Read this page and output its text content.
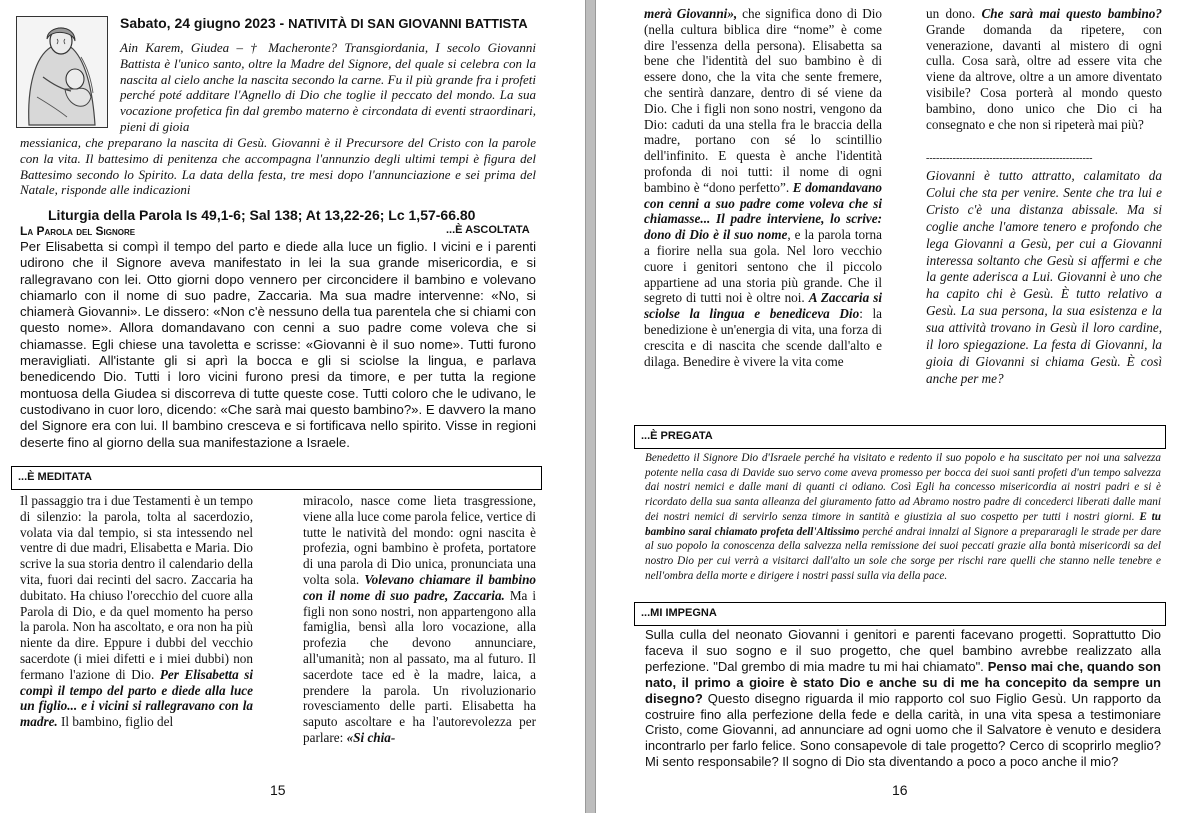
Sabato, 24 giugno 2023 - NATIVITÀ DI SAN GIOVANNI BATTISTA

Ain Karem, Giudea – † Macheronte? Transgiordania, I secolo Giovanni Battista è l'unico santo, oltre la Madre del Signore, del quale si celebra con la nascita al cielo anche la nascita secondo la carne. Fu il più grande fra i profeti perché poté additare l'Agnello di Dio che toglie il peccato del mondo. La sua vocazione profetica fin dal grembo materno è circondata di eventi straordinari, pieni di gioia

messianica, che preparano la nascita di Gesù. Giovanni è il Precursore del Cristo con la parole con la vita. Il battesimo di penitenza che accompagna l'annunzio degli ultimi tempi è figura del Battesimo secondo lo Spirito. La data della festa, tre mesi dopo l'annunciazione e sei prima del Natale, risponde alle indicazioni

Liturgia della Parola Is 49,1-6; Sal 138; At 13,22-26; Lc 1,57-66.80
La Parola del Signore	...È ASCOLTATA

Per Elisabetta si compì il tempo del parto e diede alla luce un figlio. I vicini e i parenti udirono che il Signore aveva manifestato in lei la sua grande misericordia, e si rallegravano con lei. Otto giorni dopo vennero per circoncidere il bambino e volevano chiamarlo con il nome di suo padre, Zaccaria. Ma sua madre intervenne: «No, si chiamerà Giovanni». Le dissero: «Non c'è nessuno della tua parentela che si chiami con questo nome». Allora domandavano con cenni a suo padre come voleva che si chiamasse. Egli chiese una tavoletta e scrisse: «Giovanni è il suo nome». Tutti furono meravigliati. All'istante gli si aprì la bocca e gli si sciolse la lingua, e parlava benedicendo Dio. Tutti i loro vicini furono presi da timore, e per tutta la regione montuosa della Giudea si discorreva di tutte queste cose. Tutti coloro che le udivano, le custodivano in cuor loro, dicendo: «Che sarà mai questo bambino?». E davvero la mano del Signore era con lui. Il bambino cresceva e si fortificava nello spirito. Visse in regioni deserte fino al giorno della sua manifestazione a Israele.

...È MEDITATA
Il passaggio tra i due Testamenti è un tempo di silenzio: la parola, tolta al sacerdozio, volata via dal tempio, si sta intessendo nel ventre di due madri, Elisabetta e Maria. Dio scrive la sua storia dentro il calendario della vita, fuori dai recinti del sacro. Zaccaria ha dubitato. Ha chiuso l'orecchio del cuore alla Parola di Dio, e da quel momento ha perso la parola. Non ha ascoltato, e ora non ha più niente da dire. Eppure i dubbi del vecchio sacerdote (i miei difetti e i miei dubbi) non fermano l'azione di Dio. Per Elisabetta si compì il tempo del parto e diede alla luce un figlio... e i vicini si rallegravano con la madre. Il bambino, figlio del
miracolo, nasce come lieta trasgressione, viene alla luce come parola felice, vertice di tutte le natività del mondo: ogni nascita è profezia, ogni bambino è profeta, portatore di una parola di Dio unica, pronunciata una volta sola. Volevano chiamare il bambino con il nome di suo padre, Zaccaria. Ma i figli non sono nostri, non appartengono alla famiglia, bensì alla loro vocazione, alla profezia che devono annunciare, all'umanità; non al passato, ma al futuro. Il sacerdote tace ed è la madre, laica, a prendere la parola. Un rivoluzionario rovesciamento delle parti. Elisabetta ha saputo ascoltare e ha l'autorevolezza per parlare: «Si chia-
15
merà Giovanni», che significa dono di Dio (nella cultura biblica dire “nome” è come dire l'essenza della persona). Elisabetta sa bene che l'identità del suo bambino è di essere dono, che la vita che sente fremere, che sentirà danzare, dentro di sé viene da Dio. Che i figli non sono nostri, vengono da Dio: caduti da una stella fra le braccia della madre, portano con sé lo scintillio dell'infinito. E questa è anche l'identità profonda di noi tutti: il nome di ogni bambino è “dono perfetto”. E domandavano con cenni a suo padre come voleva che si chiamasse... Il padre interviene, lo scrive: dono di Dio è il suo nome, e la parola torna a fiorire nella sua gola. Nel loro vecchio cuore i genitori sentono che il piccolo appartiene ad una storia più grande. Che il segreto di tutti noi è oltre noi. A Zaccaria si sciolse la lingua e benediceva Dio: la benedizione è un'energia di vita, una forza di crescita e di nascita che scende dall'alto e dilaga. Benedire è vivere la vita come
un dono. Che sarà mai questo bambino? Grande domanda da ripetere, con venerazione, davanti al mistero di ogni culla. Cosa sarà, oltre ad essere vita che viene da altrove, oltre a un amore diventato visibile? Cosa porterà al mondo questo bambino, dono unico che Dio ci ha consegnato e che non si ripeterà mai più?
--------------------------------------------------

Giovanni è tutto attratto, calamitato da Colui che sta per venire. Sente che tra lui e Cristo c'è una distanza abissale. Ma si coglie anche l'amore tenero e profondo che lega Giovanni a Gesù, per cui a Giovanni interessa soltanto che Gesù si affermi e che la gente aderisca a Lui. Giovanni è uno che ha capito chi è Gesù. È tutto relativo a Gesù. La sua persona, la sua esistenza e la sua attività trovano in Gesù il loro cardine, il loro spiegazione. La festa di Giovanni, la gioia di Giovanni si chiama Gesù. È così anche per me?

...È PREGATA
Benedetto il Signore Dio d'Israele perché ha visitato e redento il suo popolo e ha suscitato per noi una salvezza potente nella casa di Davide suo servo come aveva promesso per bocca dei suoi santi profeti d'un tempo salvezza dai nostri nemici e dalle mani di quanti ci odiano. Così Egli ha concesso misericordia ai nostri padri e si è ricordato della sua santa alleanza del giuramento fatto ad Abramo nostro padre di concederci liberati dalle mani dei nostri nemici di servirlo senza timore in santità e giustizia al suo cospetto per tutti i nostri giorni. E tu bambino sarai chiamato profeta dell'Altissimo perché andrai innalzi al Signore a prepararagli le strade per dare al suo popolo la conoscenza della salvezza nella remissione dei suoi peccati grazie alla bontà misericordi sa del nostro Dio per cui verrà a visitarci dall'alto un sole che sorge per rischi rare quelli che stanno nelle tenebre e nell'ombra della morte e dirigere i nostri passi sulla via della pace.
...MI IMPEGNA
Sulla culla del neonato Giovanni i genitori e parenti facevano progetti. Soprattutto Dio faceva il suo sogno e il suo progetto, che quel bambino avrebbe realizzato alla perfezione. "Dal grembo di mia madre tu mi hai chiamato". Penso mai che, quando son nato, il primo a gioire è stato Dio e anche su di me ha concepito da sempre un disegno? Questo disegno riguarda il mio rapporto col suo Figlio Gesù. Un rapporto da costruire fino alla perfezione della fede e della carità, in una vita spesa a testimoniare Cristo, come Giovanni, ad annunciare ad ogni uomo che il Salvatore è venuto e desidera incontrarlo per farlo felice. Sono consapevole di tale progetto? Cerco di scoprirlo meglio? Mi sento responsabile? Il sogno di Dio sta diventando a poco a poco anche il mio?
16
